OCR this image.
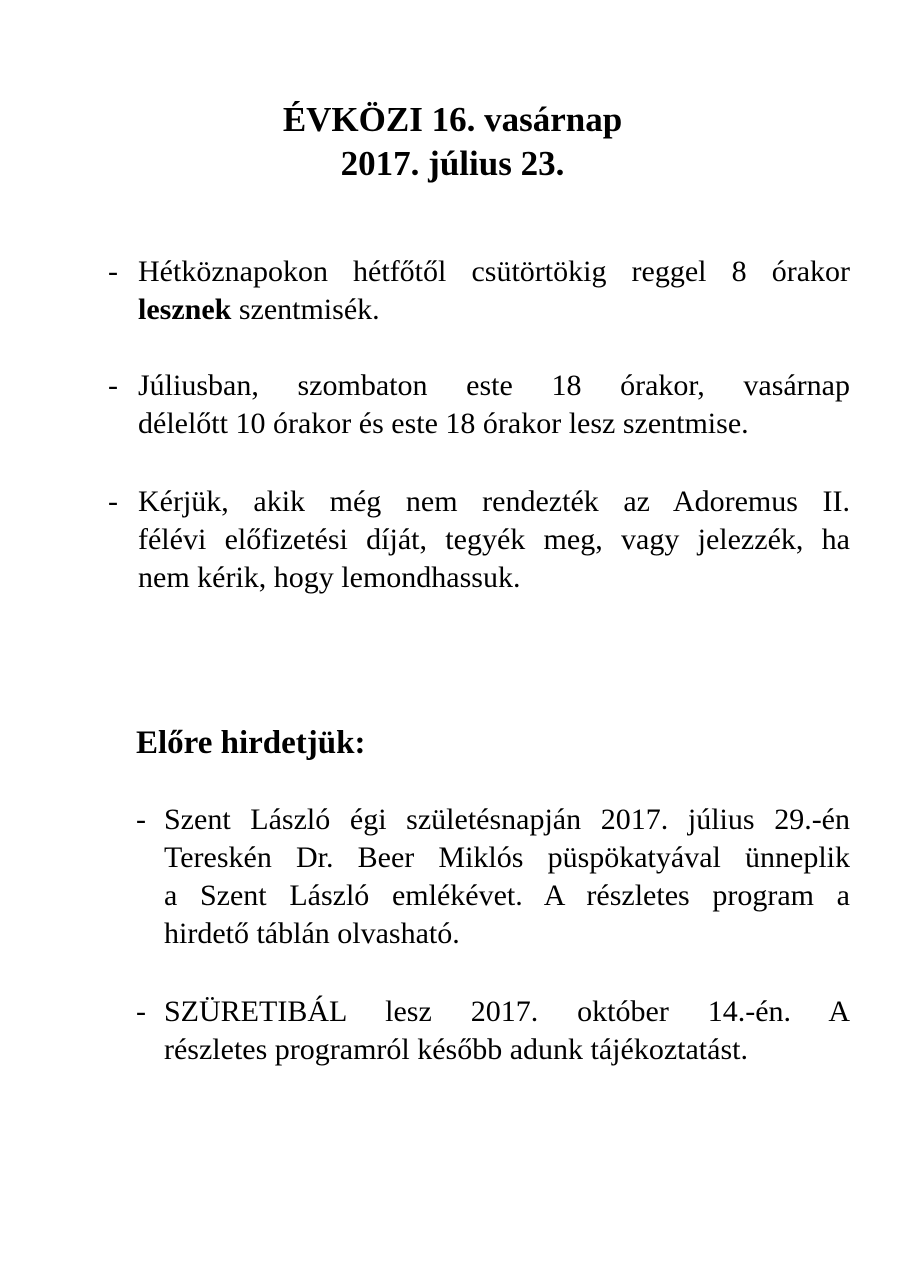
ÉVKÖZI 16. vasárnap
2017. július 23.
- Hétköznapokon hétfőtől csütörtökig reggel 8 órakor
lesznek szentmisék.
- Júliusban, szombaton este 18 órakor, vasárnap
délelőtt 10 órakor és este 18 órakor lesz szentmise.
- Kérjük, akik még nem rendezték az Adoremus II.
félévi előfizetési díját, tegyék meg, vagy jelezzék, ha
nem kérik, hogy lemondhassuk.
Előre hirdetjük:
- Szent László égi születésnapján 2017. július 29.-én
Tereskén Dr. Beer Miklós püspökatyával ünneplik
a Szent László emlékévet. A részletes program a
hirdető táblán olvasható.
- SZÜRETIBÁL lesz 2017. október 14.-én. A
részletes programról később adunk tájékoztatást.
